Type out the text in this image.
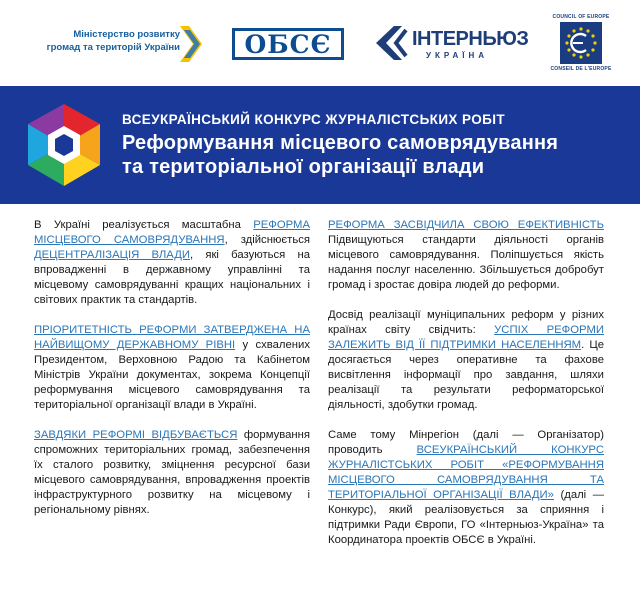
Міністерство розвитку
громад та територій України	ОБСЄ	ІНТЕРНЬЮЗ
УКРАЇНА
COUNCIL OF EUROPE
CONSEIL DE L'EUROPE
ВСЕУКРАЇНСЬКИЙ КОНКУРС ЖУРНАЛІСТСЬКИХ РОБІТ
Реформування місцевого самоврядування
та територіальної організації влади

В Україні реалізується масштабна РЕФОРМА МІСЦЕВОГО САМОВРЯДУВАННЯ, здійснюється ДЕЦЕНТРАЛІЗАЦІЯ ВЛАДИ, які базуються на впровадженні в державному управлінні та місцевому самоврядуванні кращих національних і світових практик та стандартів.

ПРІОРИТЕТНІСТЬ РЕФОРМИ ЗАТВЕРДЖЕНА НА НАЙВИЩОМУ ДЕРЖАВНОМУ РІВНІ у схвалених Президентом, Верховною Радою та Кабінетом Міністрів України документах, зокрема Концепції реформування місцевого самоврядування та територіальної організації влади в Україні.

ЗАВДЯКИ РЕФОРМІ ВІДБУВАЄТЬСЯ формування спроможних територіальних громад, забезпечення їх сталого розвитку, зміцнення ресурсної бази місцевого самоврядування, впровадження проектів інфраструктурного розвитку на місцевому і регіональному рівнях.

РЕФОРМА ЗАСВІДЧИЛА СВОЮ ЕФЕКТИВНІСТЬ Підвищуються стандарти діяльності органів місцевого самоврядування. Поліпшується якість надання послуг населенню. Збільшується добробут громад і зростає довіра людей до реформи.

Досвід реалізації муніципальних реформ у різних країнах світу свідчить: УСПІХ РЕФОРМИ ЗАЛЕЖИТЬ ВІД ЇЇ ПІДТРИМКИ НАСЕЛЕННЯМ. Це досягається через оперативне та фахове висвітлення інформації про завдання, шляхи реалізації та результати реформаторської діяльності, здобутки громад.

Саме тому Мінрегіон (далі — Організатор) проводить ВСЕУКРАЇНСЬКИЙ КОНКУРС ЖУРНАЛІСТСЬКИХ РОБІТ «РЕФОРМУВАННЯ МІСЦЕВОГО САМОВРЯДУВАННЯ ТА ТЕРИТОРІАЛЬНОЇ ОРГАНІЗАЦІЇ ВЛАДИ» (далі — Конкурс), який реалізовується за сприяння і підтримки Ради Європи, ГО «Інтерньюз-Україна» та Координатора проектів ОБСЄ в Україні.
